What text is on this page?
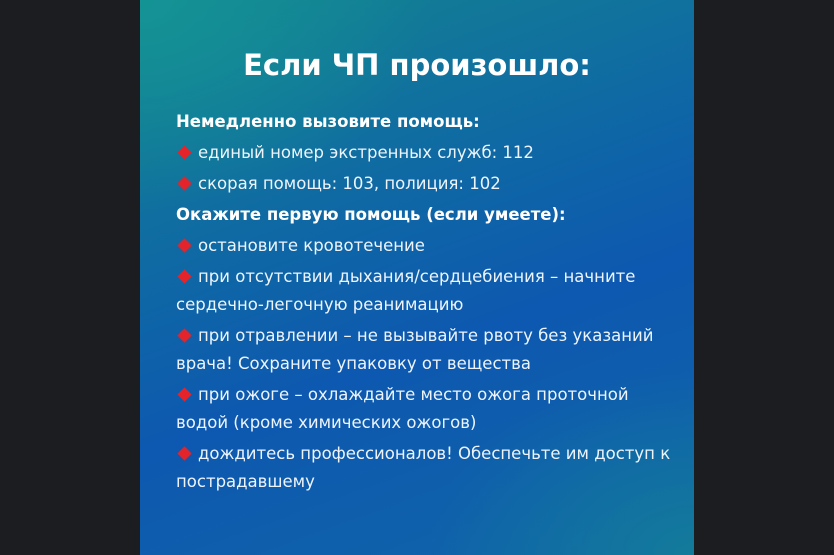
Если ЧП произошло:
Немедленно вызовите помощь:
единый номер экстренных служб: 112
скорая помощь: 103, полиция: 102
Окажите первую помощь (если умеете):
остановите кровотечение
при отсутствии дыхания/сердцебиения – начните сердечно-легочную реанимацию
при отравлении – не вызывайте рвоту без указаний врача! Сохраните упаковку от вещества
при ожоге – охлаждайте место ожога проточной водой (кроме химических ожогов)
дождитесь профессионалов! Обеспечьте им доступ к пострадавшему
